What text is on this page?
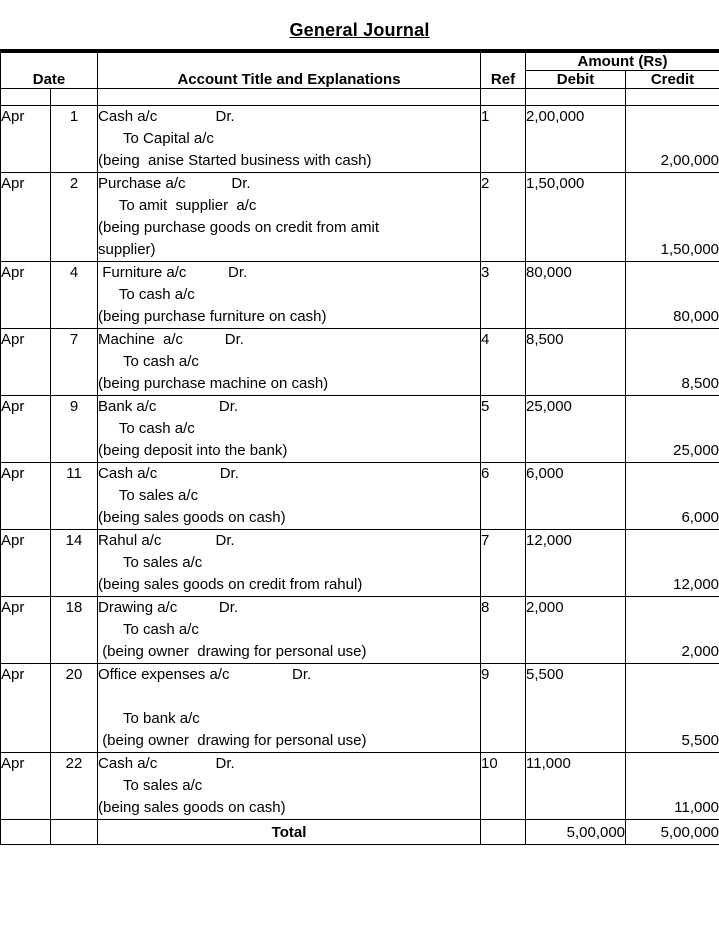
General Journal
Date		Account Title and Explanations	Ref	Amount (Rs)	
				Debit	Credit

Apr	1	Cash a/c              Dr.
To Capital a/c
(being  anise Started business with cash)	1	2,00,000	2,00,000
Apr	2	Purchase a/c           Dr.
To amit  supplier  a/c
(being purchase goods on credit from amit
supplier)	2	1,50,000	1,50,000
Apr	4	Furniture a/c          Dr.
To cash a/c
(being purchase furniture on cash)	3	80,000	80,000
Apr	7	Machine  a/c          Dr.
To cash a/c
(being purchase machine on cash)	4	8,500	8,500
Apr	9	Bank a/c               Dr.
To cash a/c
(being deposit into the bank)	5	25,000	25,000
Apr	11	Cash a/c               Dr.
To sales a/c
(being sales goods on cash)	6	6,000	6,000
Apr	14	Rahul a/c             Dr.
To sales a/c
(being sales goods on credit from rahul)	7	12,000	12,000
Apr	18	Drawing a/c          Dr.
To cash a/c
(being owner  drawing for personal use)	8	2,000	2,000
Apr	20	Office expenses a/c               Dr.
To bank a/c
(being owner  drawing for personal use)	9	5,500	5,500
Apr	22	Cash a/c              Dr.
To sales a/c
(being sales goods on cash)	10	11,000	11,000
		Total		5,00,000	5,00,000
